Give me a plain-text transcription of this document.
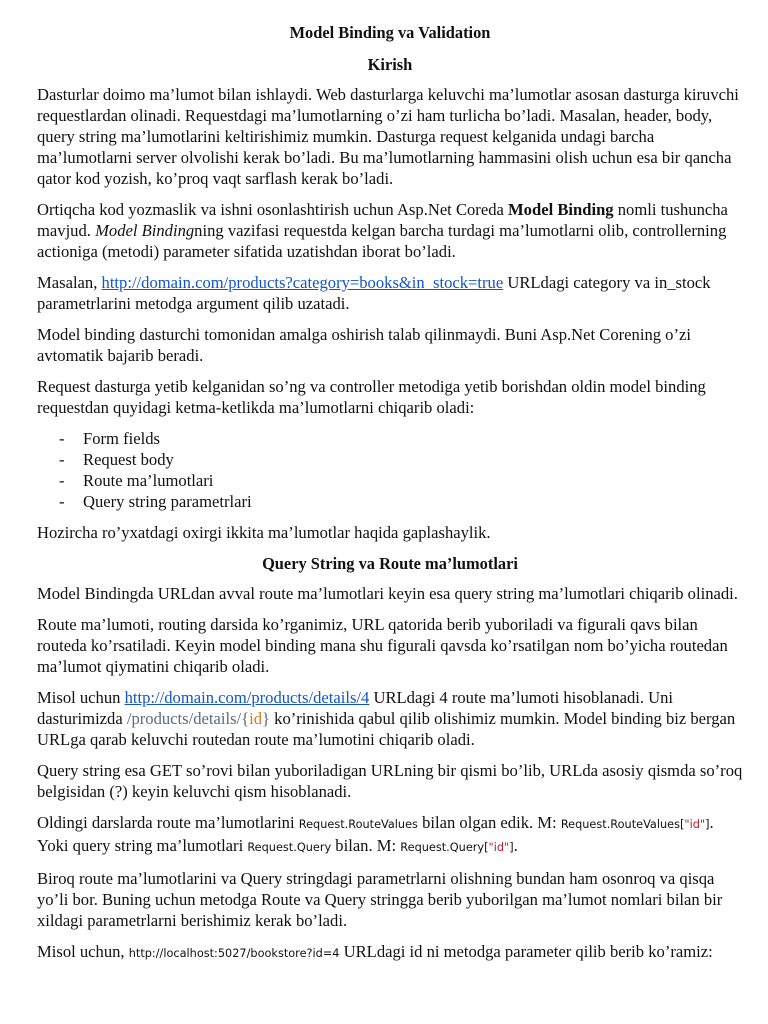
Model Binding va Validation
Kirish

Dasturlar doimo ma’lumot bilan ishlaydi. Web dasturlarga keluvchi ma’lumotlar asosan dasturga kiruvchi requestlardan olinadi. Requestdagi ma’lumotlarning o’zi ham turlicha bo’ladi. Masalan, header, body, query string ma’lumotlarini keltirishimiz mumkin. Dasturga request kelganida undagi barcha ma’lumotlarni server olvolishi kerak bo’ladi. Bu ma’lumotlarning hammasini olish uchun esa bir qancha qator kod yozish, ko’proq vaqt sarflash kerak bo’ladi.

Ortiqcha kod yozmaslik va ishni osonlashtirish uchun Asp.Net Coreda Model Binding nomli tushuncha mavjud. Model Bindingning vazifasi requestda kelgan barcha turdagi ma’lumotlarni olib, controllerning actioniga (metodi) parameter sifatida uzatishdan iborat bo’ladi.

Masalan, http://domain.com/products?category=books&in_stock=true URLdagi category va in_stock parametrlarini metodga argument qilib uzatadi.

Model binding dasturchi tomonidan amalga oshirish talab qilinmaydi. Buni Asp.Net Corening o’zi avtomatik bajarib beradi.

Request dasturga yetib kelganidan so’ng va controller metodiga yetib borishdan oldin model binding requestdan quyidagi ketma-ketlikda ma’lumotlarni chiqarib oladi:

- Form fields
- Request body
- Route ma’lumotlari
- Query string parametrlari

Hozircha ro’yxatdagi oxirgi ikkita ma’lumotlar haqida gaplashaylik.

Query String va Route ma’lumotlari

Model Bindingda URLdan avval route ma’lumotlari keyin esa query string ma’lumotlari chiqarib olinadi.

Route ma’lumoti, routing darsida ko’rganimiz, URL qatorida berib yuboriladi va figurali qavs bilan routeda ko’rsatiladi. Keyin model binding mana shu figurali qavsda ko’rsatilgan nom bo’yicha routedan ma’lumot qiymatini chiqarib oladi.

Misol uchun http://domain.com/products/details/4 URLdagi 4 route ma’lumoti hisoblanadi. Uni dasturimizda /products/details/{id} ko’rinishida qabul qilib olishimiz mumkin. Model binding biz bergan URLga qarab keluvchi routedan route ma’lumotini chiqarib oladi.

Query string esa GET so’rovi bilan yuboriladigan URLning bir qismi bo’lib, URLda asosiy qismda so’roq belgisidan (?) keyin keluvchi qism hisoblanadi.

Oldingi darslarda route ma’lumotlarini Request.RouteValues bilan olgan edik. M: Request.RouteValues["id"]. Yoki query string ma’lumotlari Request.Query bilan. M: Request.Query["id"].

Biroq route ma’lumotlarini va Query stringdagi parametrlarni olishning bundan ham osonroq va qisqa yo’li bor. Buning uchun metodga Route va Query stringga berib yuborilgan ma’lumot nomlari bilan bir xildagi parametrlarni berishimiz kerak bo’ladi.

Misol uchun, http://localhost:5027/bookstore?id=4 URLdagi id ni metodga parameter qilib berib ko’ramiz:
